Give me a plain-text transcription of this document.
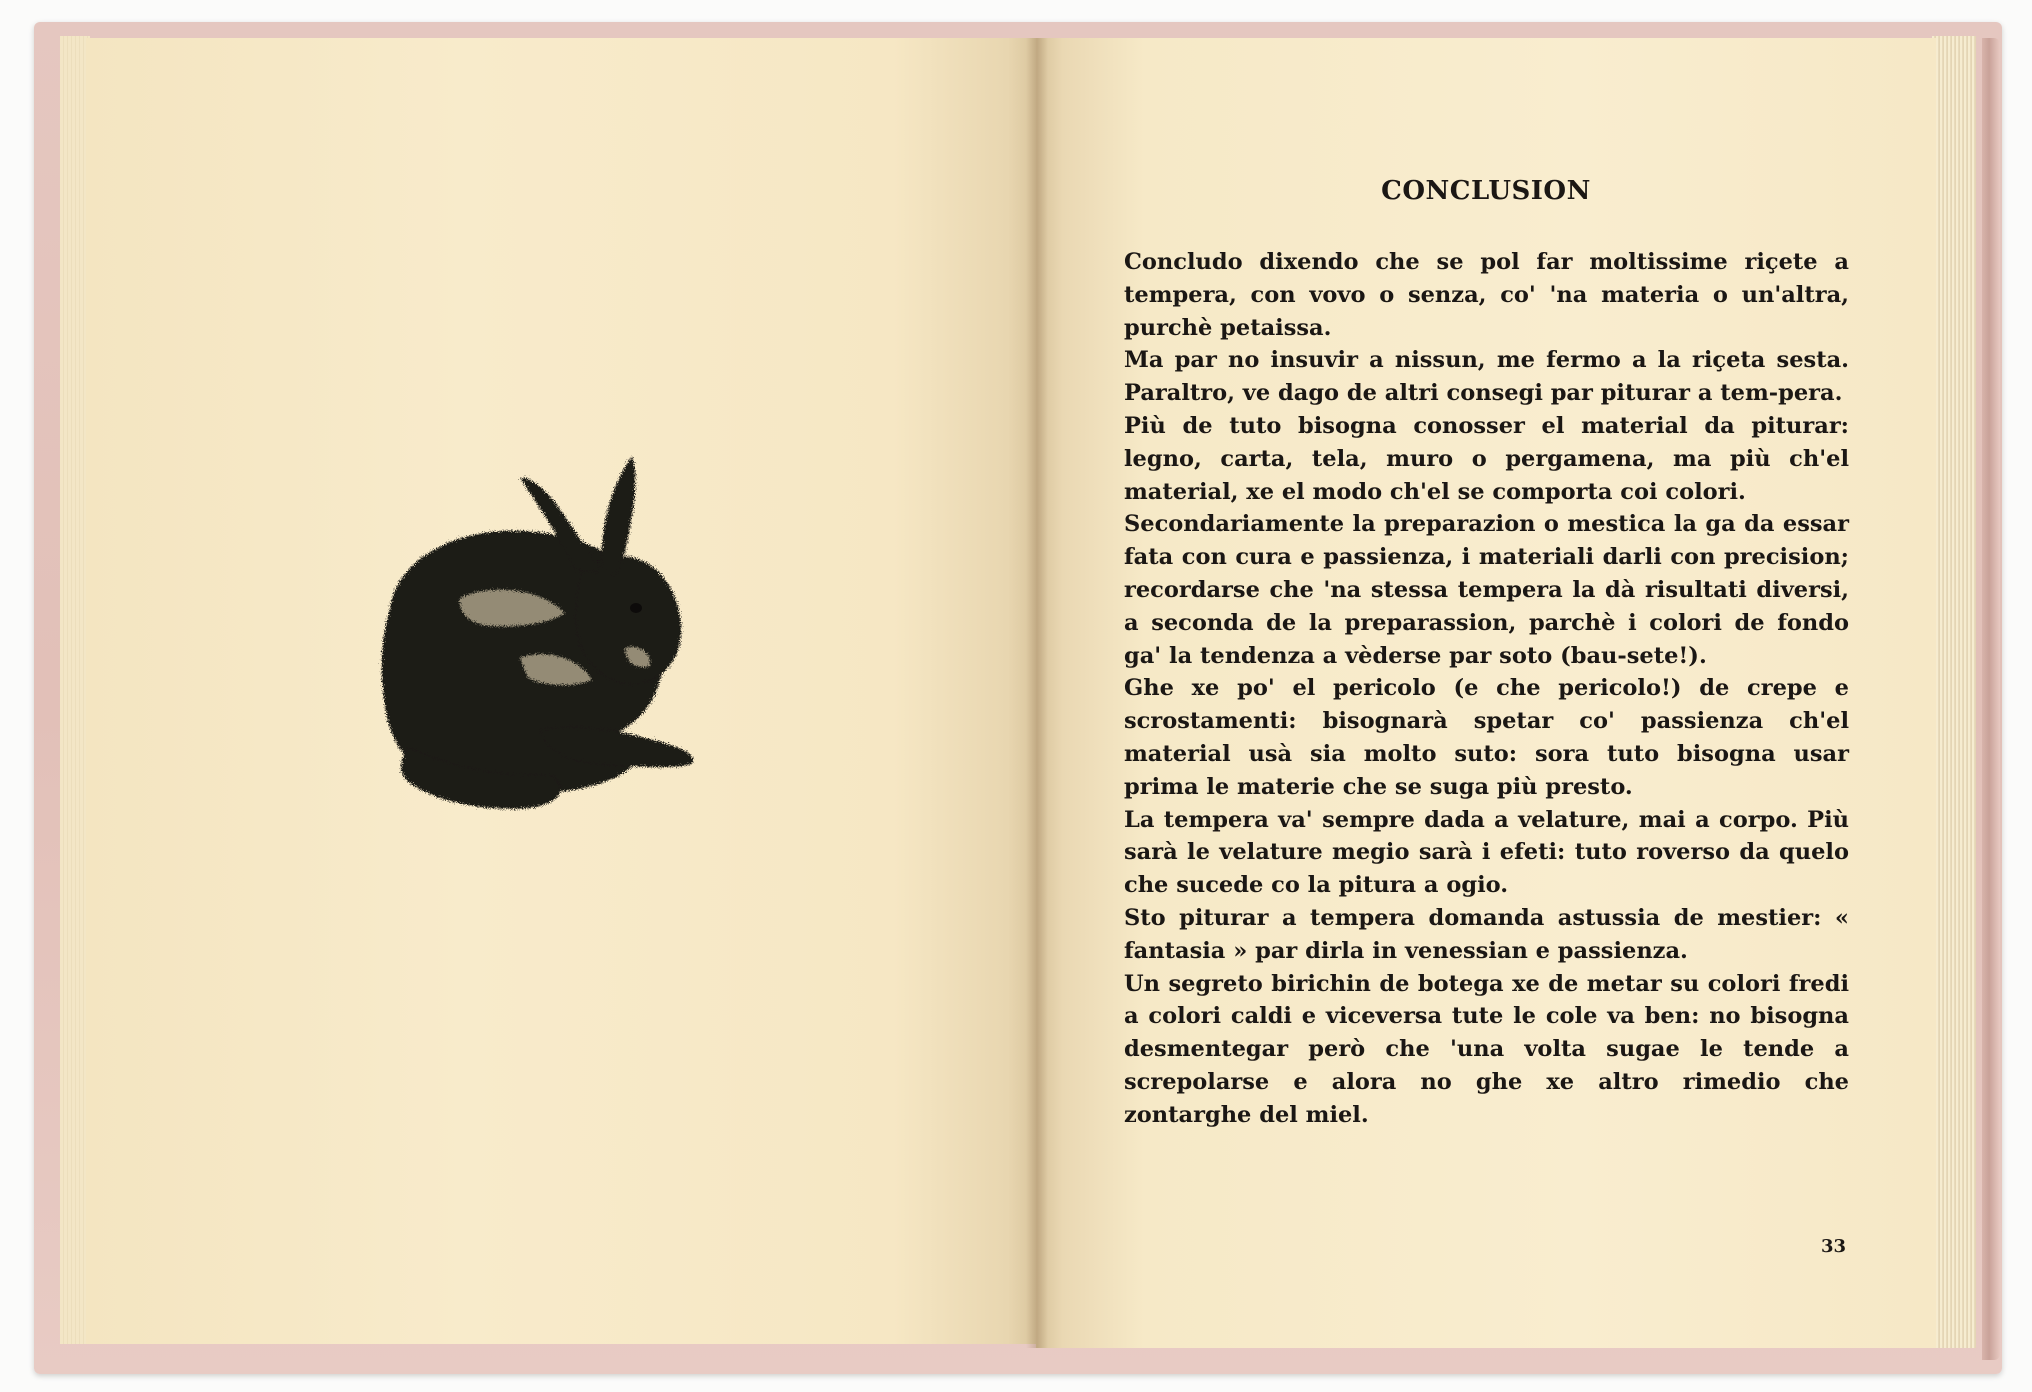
CONCLUSION

Concludo dixendo che se pol far moltissime riçete a tempera, con vovo o senza, co' 'na materia o un'altra, purchè petaissa.

Ma par no insuvir a nissun, me fermo a la riçeta sesta. Paraltro, ve dago de altri consegi par piturar a tem-pera.

Più de tuto bisogna conosser el material da piturar: legno, carta, tela, muro o pergamena, ma più ch'el material, xe el modo ch'el se comporta coi colori.

Secondariamente la preparazion o mestica la ga da essar fata con cura e passienza, i materiali darli con precision; recordarse che 'na stessa tempera la dà risultati diversi, a seconda de la preparassion, parchè i colori de fondo ga' la tendenza a vèderse par soto (bau-sete!).

Ghe xe po' el pericolo (e che pericolo!) de crepe e scrostamenti: bisognarà spetar co' passienza ch'el material usà sia molto suto: sora tuto bisogna usar prima le materie che se suga più presto.

La tempera va' sempre dada a velature, mai a corpo. Più sarà le velature megio sarà i efeti: tuto roverso da quelo che sucede co la pitura a ogio.

Sto piturar a tempera domanda astussia de mestier: « fantasia » par dirla in venessian e passienza.

Un segreto birichin de botega xe de metar su colori fredi a colori caldi e viceversa tute le cole va ben: no bisogna desmentegar però che 'una volta sugae le tende a screpolarse e alora no ghe xe altro rimedio che zontarghe del miel.

33
